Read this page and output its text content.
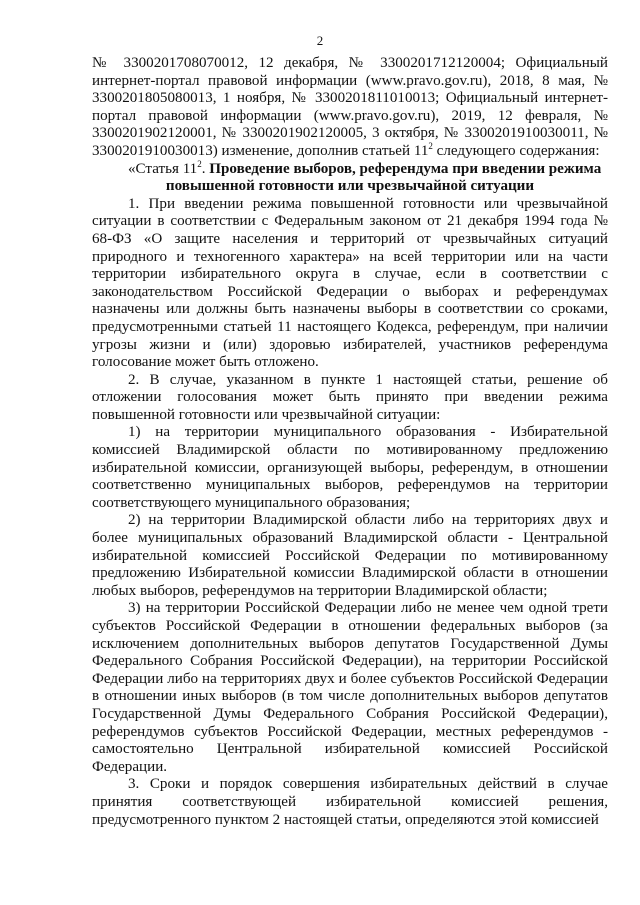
2

№ 3300201708070012, 12 декабря, № 3300201712120004; Официальный интернет-портал правовой информации (www.pravo.gov.ru), 2018, 8 мая, № 3300201805080013, 1 ноября, № 3300201811010013; Официальный интернет-портал правовой информации (www.pravo.gov.ru), 2019, 12 февраля, № 3300201902120001, № 3300201902120005, 3 октября, № 3300201910030011, № 3300201910030013) изменение, дополнив статьей $11^2$ следующего содержания:

«Статья $11^2$. Проведение выборов, референдума при введении режима

повышенной готовности или чрезвычайной ситуации

1. При введении режима повышенной готовности или чрезвычайной ситуации в соответствии с Федеральным законом от 21 декабря 1994 года № 68-ФЗ «О защите населения и территорий от чрезвычайных ситуаций природного и техногенного характера» на всей территории или на части территории избирательного округа в случае, если в соответствии с законодательством Российской Федерации о выборах и референдумах назначены или должны быть назначены выборы в соответствии со сроками, предусмотренными статьей 11 настоящего Кодекса, референдум, при наличии угрозы жизни и (или) здоровью избирателей, участников референдума голосование может быть отложено.

2. В случае, указанном в пункте 1 настоящей статьи, решение об отложении голосования может быть принято при введении режима повышенной готовности или чрезвычайной ситуации:

1) на территории муниципального образования - Избирательной комиссией Владимирской области по мотивированному предложению избирательной комиссии, организующей выборы, референдум, в отношении соответственно муниципальных выборов, референдумов на территории соответствующего муниципального образования;

2) на территории Владимирской области либо на территориях двух и более муниципальных образований Владимирской области - Центральной избирательной комиссией Российской Федерации по мотивированному предложению Избирательной комиссии Владимирской области в отношении любых выборов, референдумов на территории Владимирской области;

3) на территории Российской Федерации либо не менее чем одной трети субъектов Российской Федерации в отношении федеральных выборов (за исключением дополнительных выборов депутатов Государственной Думы Федерального Собрания Российской Федерации), на территории Российской Федерации либо на территориях двух и более субъектов Российской Федерации в отношении иных выборов (в том числе дополнительных выборов депутатов Государственной Думы Федерального Собрания Российской Федерации), референдумов субъектов Российской Федерации, местных референдумов - самостоятельно Центральной избирательной комиссией Российской Федерации.

3. Сроки и порядок совершения избирательных действий в случае принятия соответствующей избирательной комиссией решения, предусмотренного пунктом 2 настоящей статьи, определяются этой комиссией
